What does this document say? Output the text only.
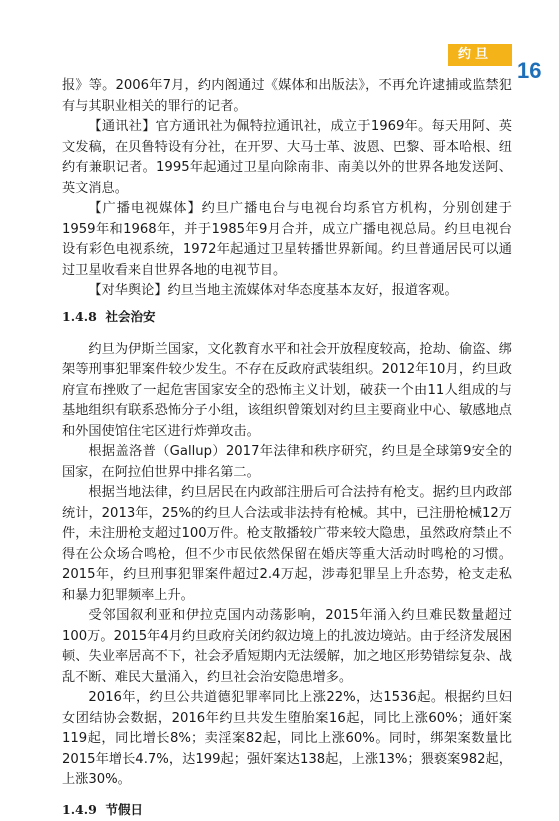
约旦
16

报》等。2006年7月，约内阁通过《媒体和出版法》，不再允许逮捕或监禁犯有与其职业相关的罪行的记者。

【通讯社】官方通讯社为佩特拉通讯社，成立于1969年。每天用阿、英文发稿，在贝鲁特设有分社，在开罗、大马士革、波恩、巴黎、哥本哈根、纽约有兼职记者。1995年起通过卫星向除南非、南美以外的世界各地发送阿、英文消息。

【广播电视媒体】约旦广播电台与电视台均系官方机构，分别创建于1959年和1968年，并于1985年9月合并，成立广播电视总局。约旦电视台设有彩色电视系统，1972年起通过卫星转播世界新闻。约旦普通居民可以通过卫星收看来自世界各地的电视节目。

【对华舆论】约旦当地主流媒体对华态度基本友好，报道客观。

1.4.8 社会治安

约旦为伊斯兰国家，文化教育水平和社会开放程度较高，抢劫、偷盗、绑架等刑事犯罪案件较少发生。不存在反政府武装组织。2012年10月，约旦政府宣布挫败了一起危害国家安全的恐怖主义计划，破获一个由11人组成的与基地组织有联系恐怖分子小组，该组织曾策划对约旦主要商业中心、敏感地点和外国使馆住宅区进行炸弹攻击。

根据盖洛普（Gallup）2017年法律和秩序研究，约旦是全球第9安全的国家，在阿拉伯世界中排名第二。

根据当地法律，约旦居民在内政部注册后可合法持有枪支。据约旦内政部统计，2013年，25%的约旦人合法或非法持有枪械。其中，已注册枪械12万件，未注册枪支超过100万件。枪支散播较广带来较大隐患，虽然政府禁止不得在公众场合鸣枪，但不少市民依然保留在婚庆等重大活动时鸣枪的习惯。2015年，约旦刑事犯罪案件超过2.4万起，涉毒犯罪呈上升态势，枪支走私和暴力犯罪频率上升。

受邻国叙利亚和伊拉克国内动荡影响，2015年涌入约旦难民数量超过100万。2015年4月约旦政府关闭约叙边境上的扎波边境站。由于经济发展困顿、失业率居高不下，社会矛盾短期内无法缓解，加之地区形势错综复杂、战乱不断、难民大量涌入，约旦社会治安隐患增多。

2016年，约旦公共道德犯罪率同比上涨22%，达1536起。根据约旦妇女团结协会数据，2016年约旦共发生堕胎案16起，同比上涨60%；通奸案119起，同比增长8%；卖淫案82起，同比上涨60%。同时，绑架案数量比2015年增长4.7%，达199起；强奸案达138起，上涨13%；猥亵案982起，上涨30%。

1.4.9 节假日
